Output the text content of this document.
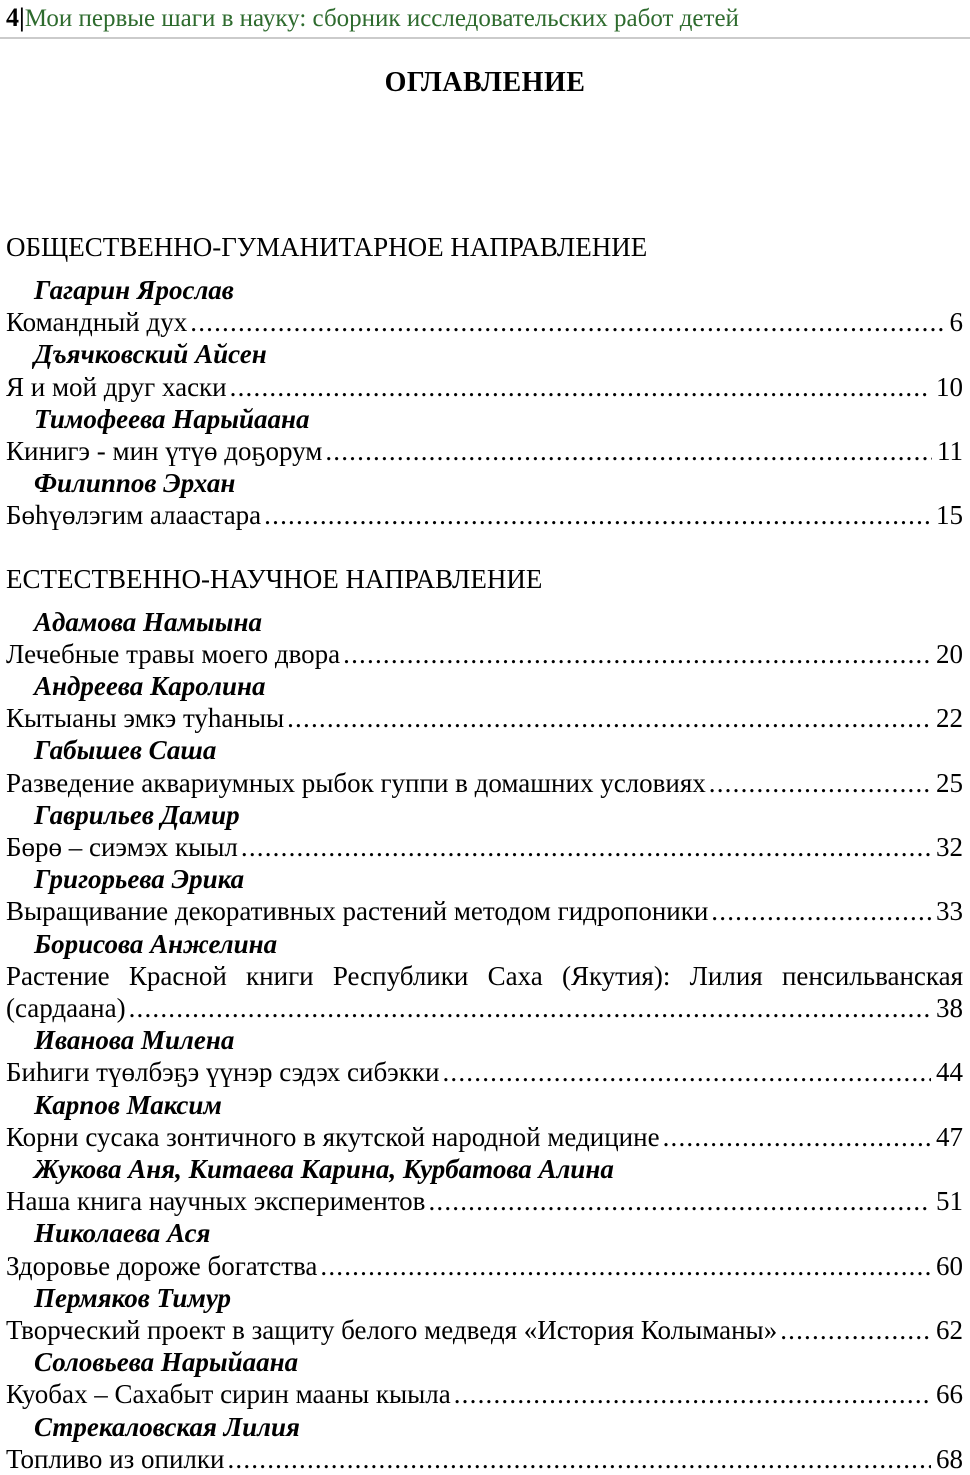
4|Мои первые шаги в науку: сборник исследовательских работ детей
ОГЛАВЛЕНИЕ
ОБЩЕСТВЕННО-ГУМАНИТАРНОЕ НАПРАВЛЕНИЕ
Гагарин Ярослав
Командный дух .....	6
Дъячковский Айсен
Я и мой друг хаски .....	10
Тимофеева Нарыйаана
Кинигэ - мин үтүө доҕорум .....	11
Филиппов Эрхан
Бөһүөлэгим алаастара .....	15
ЕСТЕСТВЕННО-НАУЧНОЕ НАПРАВЛЕНИЕ
Адамова Намыына
Лечебные травы моего двора .....	20
Андреева Каролина
Кытыаны эмкэ туһаныы .....	22
Габышев Саша
Разведение аквариумных рыбок гуппи в домашних условиях .....	25
Гаврильев Дамир
Бөрө – сиэмэх кыыл .....	32
Григорьева Эрика
Выращивание декоративных растений методом гидропоники .....	33
Борисова Анжелина
Растение Красной книги Республики Саха (Якутия): Лилия пенсильванская
(сардаана) .....	38
Иванова Милена
Биһиги түөлбэҕэ үүнэр сэдэх сибэкки .....	44
Карпов Максим
Корни сусака зонтичного в якутской народной медицине .....	47
Жукова Аня, Китаева Карина, Курбатова Алина
Наша книга научных экспериментов .....	51
Николаева Ася
Здоровье дороже богатства .....	60
Пермяков Тимур
Творческий проект в защиту белого медведя «История Колыманы» .....	62
Соловьева Нарыйаана
Куобах – Сахабыт сирин мааны кыыла .....	66
Стрекаловская Лилия
Топливо из опилки .....	68
